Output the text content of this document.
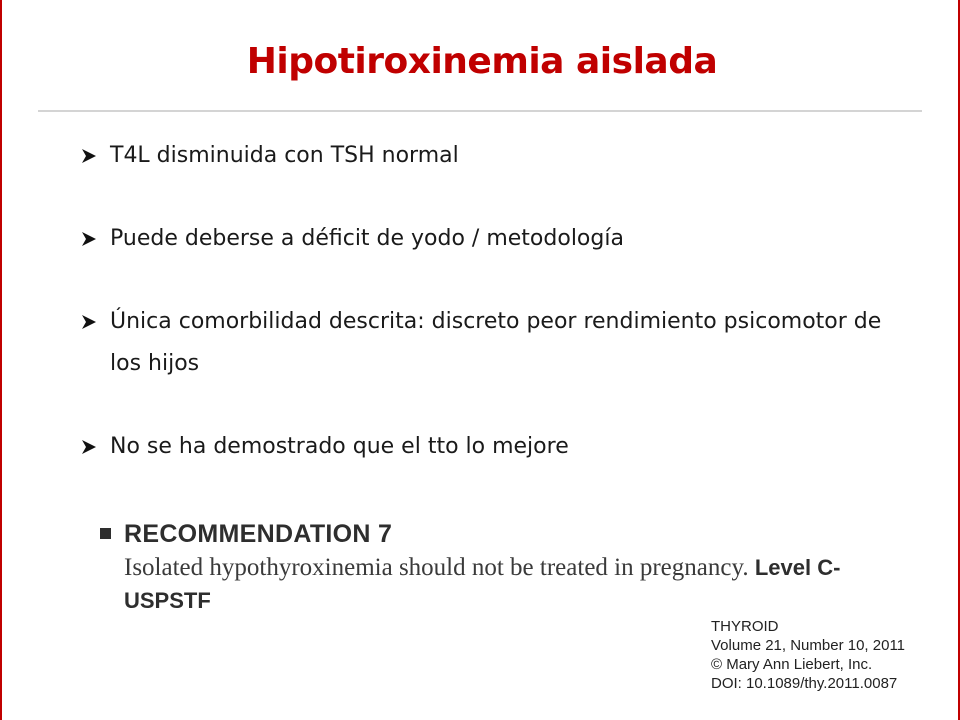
Hipotiroxinemia aislada
T4L disminuida con TSH normal
Puede deberse a déficit de yodo / metodología
Única comorbilidad descrita: discreto peor rendimiento psicomotor de los hijos
No se ha demostrado que el tto lo mejore
RECOMMENDATION 7

Isolated hypothyroxinemia should not be treated in pregnancy. Level C-USPSTF

THYROID
Volume 21, Number 10, 2011
© Mary Ann Liebert, Inc.
DOI: 10.1089/thy.2011.0087
